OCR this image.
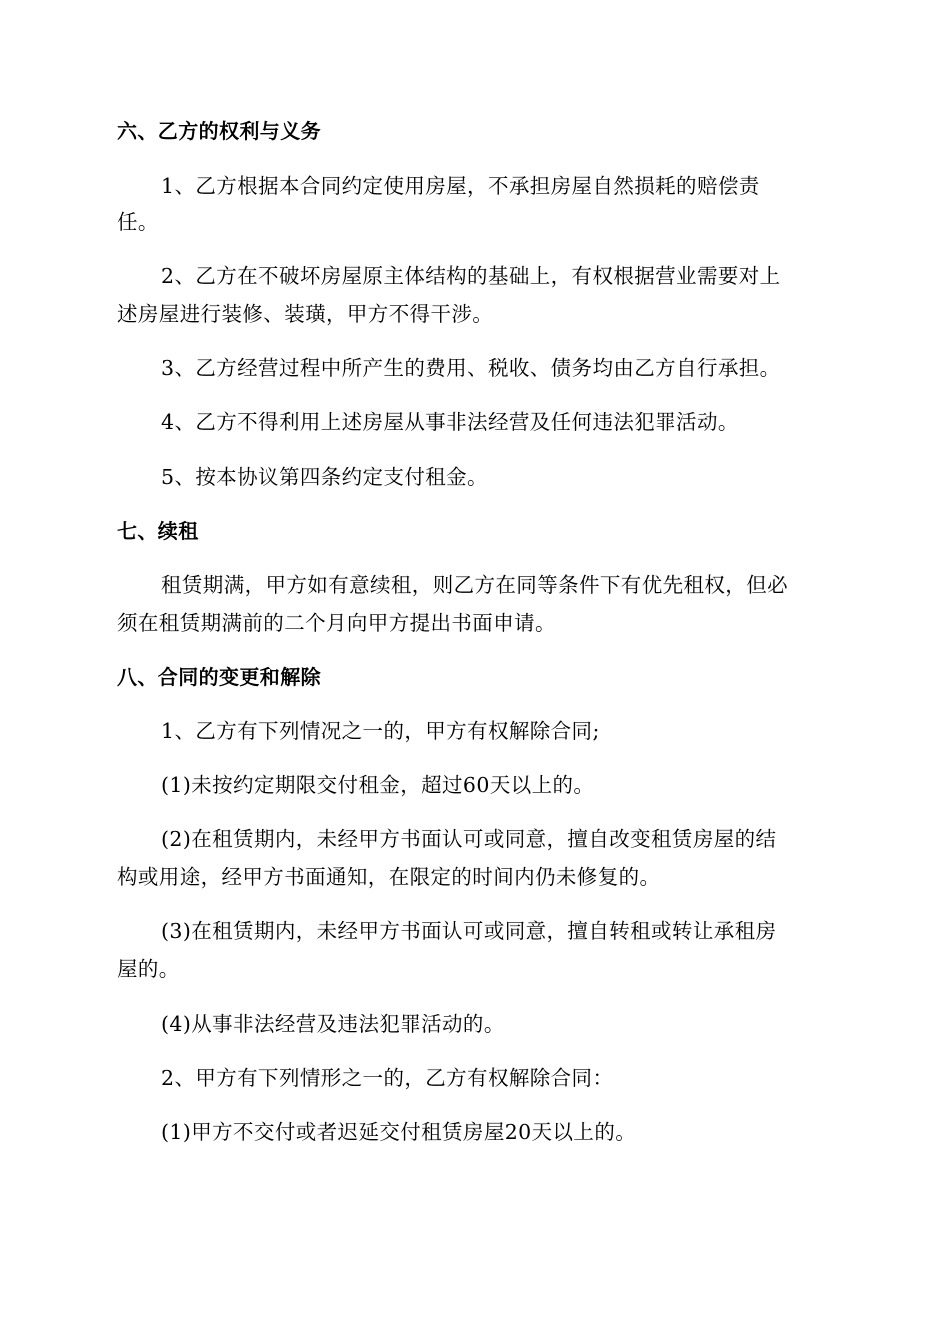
六、乙方的权利与义务
1、乙方根据本合同约定使用房屋，不承担房屋自然损耗的赔偿责
任。
2、乙方在不破坏房屋原主体结构的基础上，有权根据营业需要对上
述房屋进行装修、装璜，甲方不得干涉。
3、乙方经营过程中所产生的费用、税收、债务均由乙方自行承担。
4、乙方不得利用上述房屋从事非法经营及任何违法犯罪活动。
5、按本协议第四条约定支付租金。
七、续租
租赁期满，甲方如有意续租，则乙方在同等条件下有优先租权，但必
须在租赁期满前的二个月向甲方提出书面申请。
八、合同的变更和解除
1、乙方有下列情况之一的，甲方有权解除合同;
(1)未按约定期限交付租金，超过60天以上的。
(2)在租赁期内，未经甲方书面认可或同意，擅自改变租赁房屋的结
构或用途，经甲方书面通知，在限定的时间内仍未修复的。
(3)在租赁期内，未经甲方书面认可或同意，擅自转租或转让承租房
屋的。
(4)从事非法经营及违法犯罪活动的。
2、甲方有下列情形之一的，乙方有权解除合同：
(1)甲方不交付或者迟延交付租赁房屋20天以上的。
